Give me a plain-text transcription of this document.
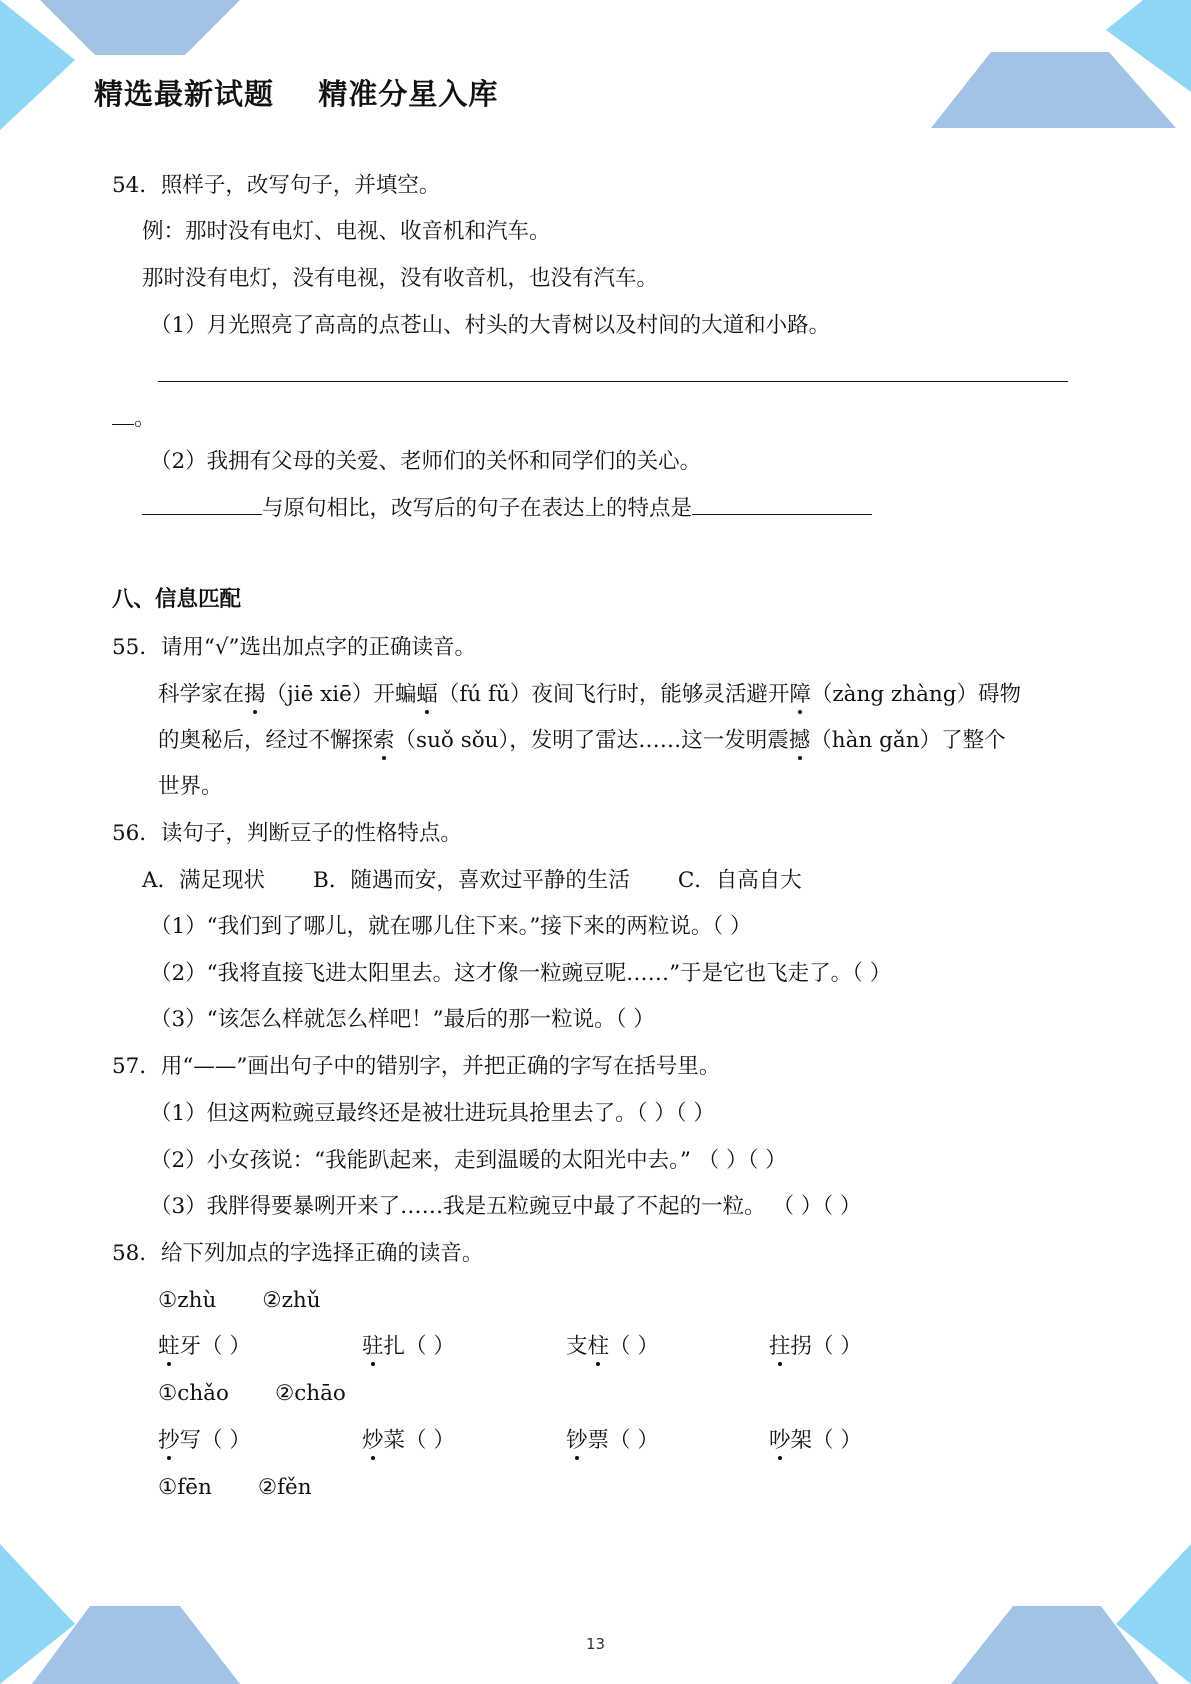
精选最新试题    精准分星入库
54．照样子，改写句子，并填空。
例：那时没有电灯、电视、收音机和汽车。
那时没有电灯，没有电视，没有收音机，也没有汽车。
（1）月光照亮了高高的点苍山、村头的大青树以及村间的大道和小路。
。
（2）我拥有父母的关爱、老师们的关怀和同学们的关心。
与原句相比，改写后的句子在表达上的特点是
八、信息匹配
55．请用“√”选出加点字的正确读音。
科学家在揭（jiē xiē）开蝙蝠（fú fǔ）夜间飞行时，能够灵活避开障（zàng zhàng）碍物
的奥秘后，经过不懈探索（suǒ sǒu），发明了雷达……这一发明震撼（hàn gǎn）了整个
世界。
56．读句子，判断豆子的性格特点。
A．满足现状 B．随遇而安，喜欢过平静的生活 C．自高自大
（1）“我们到了哪儿，就在哪儿住下来。”接下来的两粒说。（ ）
（2）“我将直接飞进太阳里去。这才像一粒豌豆呢……”于是它也飞走了。（ ）
（3）“该怎么样就怎么样吧！”最后的那一粒说。（ ）
57．用“——”画出句子中的错别字，并把正确的字写在括号里。
（1）但这两粒豌豆最终还是被壮进玩具抢里去了。（ ）（ ）
（2）小女孩说：“我能趴起来，走到温暖的太阳光中去。” （ ）（ ）
（3）我胖得要暴咧开来了……我是五粒豌豆中最了不起的一粒。 （ ）（ ）
58．给下列加点的字选择正确的读音。
①zhù ②zhǔ
蛀牙（ ）	驻扎（ ）	支柱（ ）	拄拐（ ）
①chǎo ②chāo
抄写（ ）	炒菜（ ）	钞票（ ）	吵架（ ）
①fēn ②fěn
13
